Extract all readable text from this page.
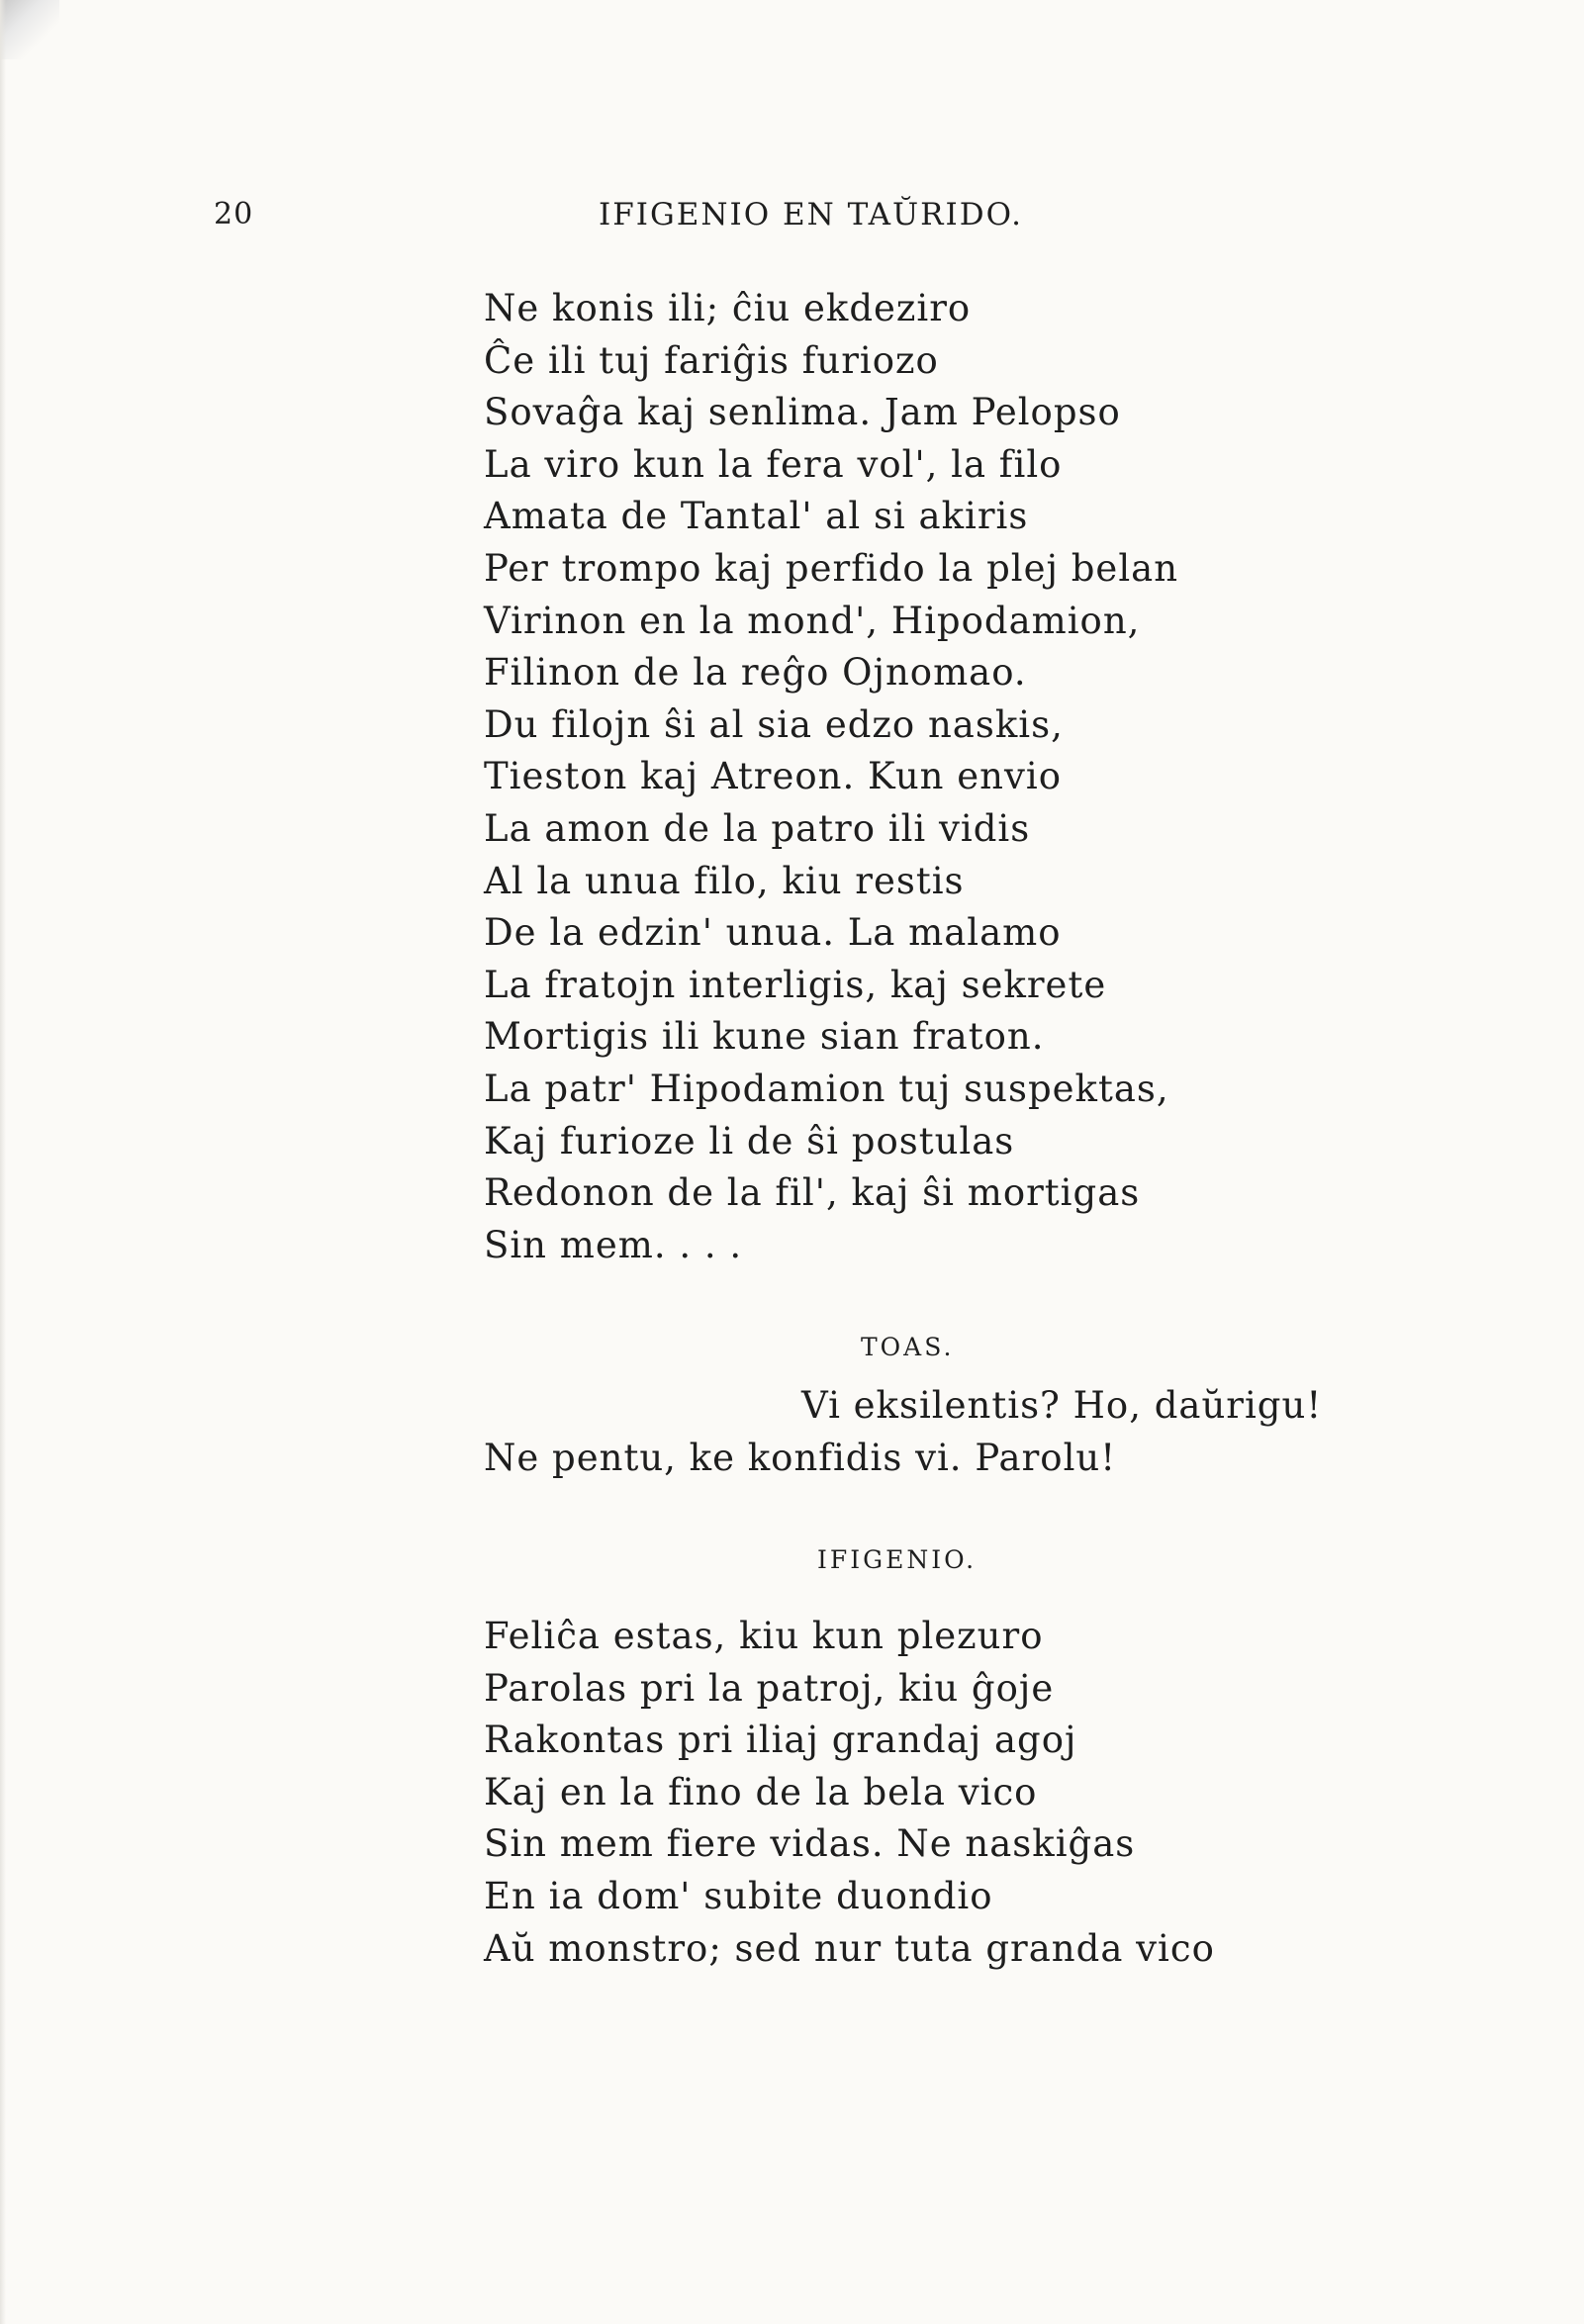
20	IFIGENIO EN TAŬRIDO.
Ne konis ili; ĉiu ekdeziro
Ĉe ili tuj fariĝis furiozo
Sovaĝa kaj senlima. Jam Pelopso
La viro kun la fera vol', la filo
Amata de Tantal' al si akiris
Per trompo kaj perfido la plej belan
Virinon en la mond', Hipodamion,
Filinon de la reĝo Ojnomao.
Du filojn ŝi al sia edzo naskis,
Tieston kaj Atreon. Kun envio
La amon de la patro ili vidis
Al la unua filo, kiu restis
De la edzin' unua. La malamo
La fratojn interligis, kaj sekrete
Mortigis ili kune sian fraton.
La patr' Hipodamion tuj suspektas,
Kaj furioze li de ŝi postulas
Redonon de la fil', kaj ŝi mortigas
Sin mem. . . .
TOAS.
Vi eksilentis? Ho, daŭrigu!
Ne pentu, ke konfidis vi. Parolu!
IFIGENIO.
Feliĉa estas, kiu kun plezuro
Parolas pri la patroj, kiu ĝoje
Rakontas pri iliaj grandaj agoj
Kaj en la fino de la bela vico
Sin mem fiere vidas. Ne naskiĝas
En ia dom' subite duondio
Aŭ monstro; sed nur tuta granda vico
